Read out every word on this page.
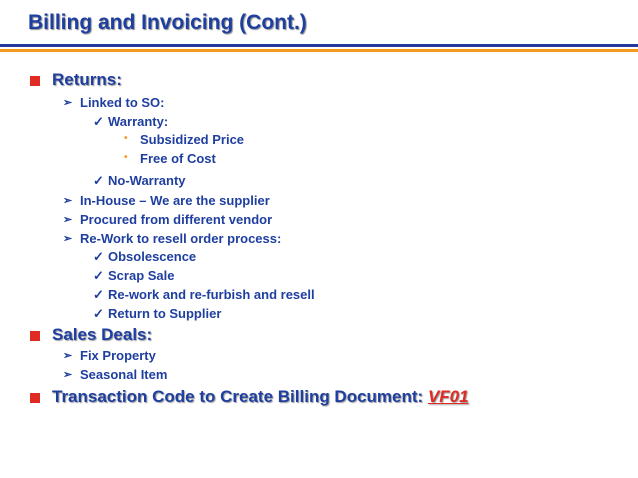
Billing and Invoicing (Cont.)
Returns:
➢ Linked to SO:
✓ Warranty:
• Subsidized Price
• Free of Cost
✓ No-Warranty
➢ In-House – We are the supplier
➢ Procured from different vendor
➢ Re-Work to resell order process:
✓ Obsolescence
✓ Scrap Sale
✓ Re-work and re-furbish and resell
✓ Return to Supplier
Sales Deals:
➢ Fix Property
➢ Seasonal Item
Transaction Code to Create Billing Document: VF01
